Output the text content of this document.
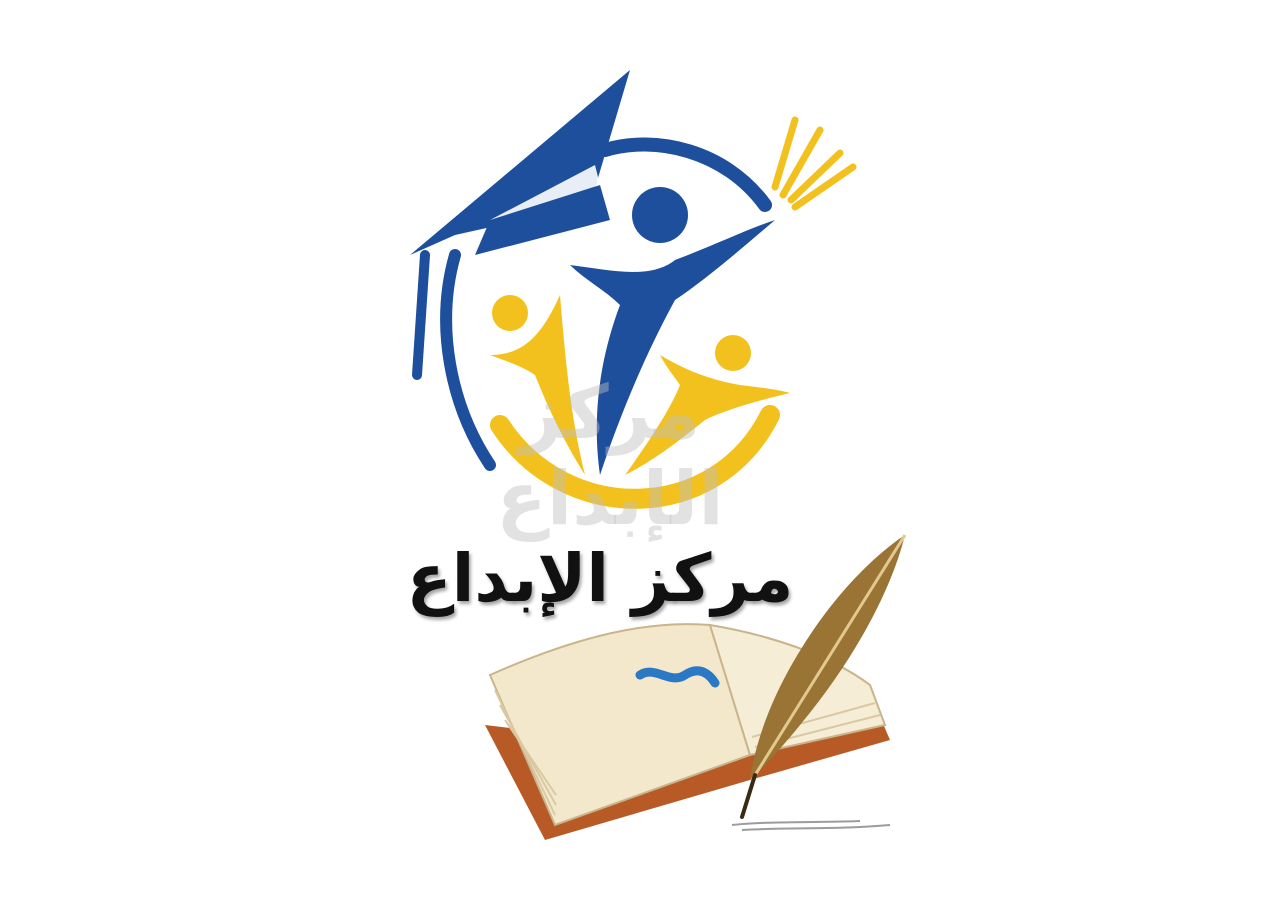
مركز الإبداع
مركز الإبداع
